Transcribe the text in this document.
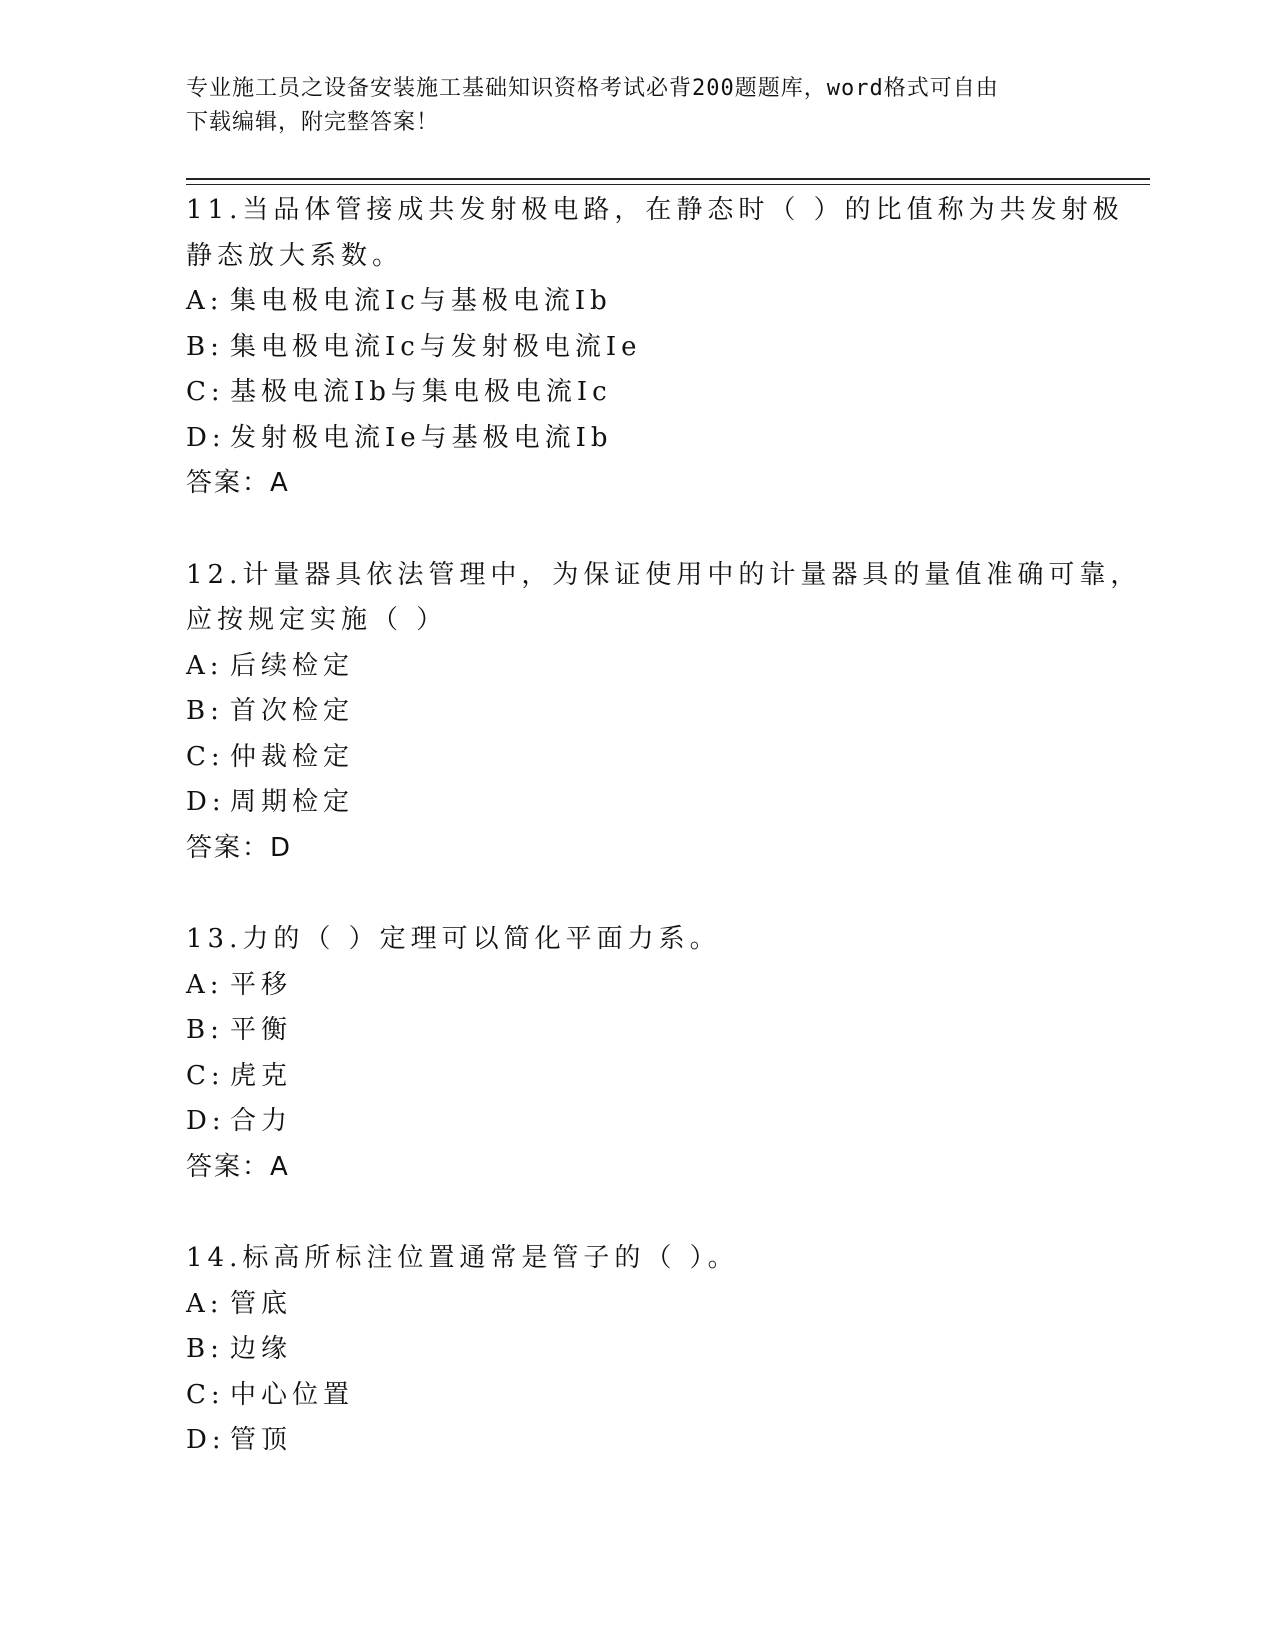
专业施工员之设备安装施工基础知识资格考试必背200题题库，word格式可自由
下载编辑，附完整答案！
11.当品体管接成共发射极电路，在静态时（ ）的比值称为共发射极
静态放大系数。
A: 集电极电流Ic与基极电流Ib
B: 集电极电流Ic与发射极电流Ie
C: 基极电流Ib与集电极电流Ic
D: 发射极电流Ie与基极电流Ib
答案：A
12.计量器具依法管理中，为保证使用中的计量器具的量值准确可靠，
应按规定实施（ ）
A: 后续检定
B: 首次检定
C: 仲裁检定
D: 周期检定
答案：D
13.力的（ ）定理可以简化平面力系。
A: 平移
B: 平衡
C: 虎克
D: 合力
答案：A
14.标高所标注位置通常是管子的（ ）。
A: 管底
B: 边缘
C: 中心位置
D: 管顶
